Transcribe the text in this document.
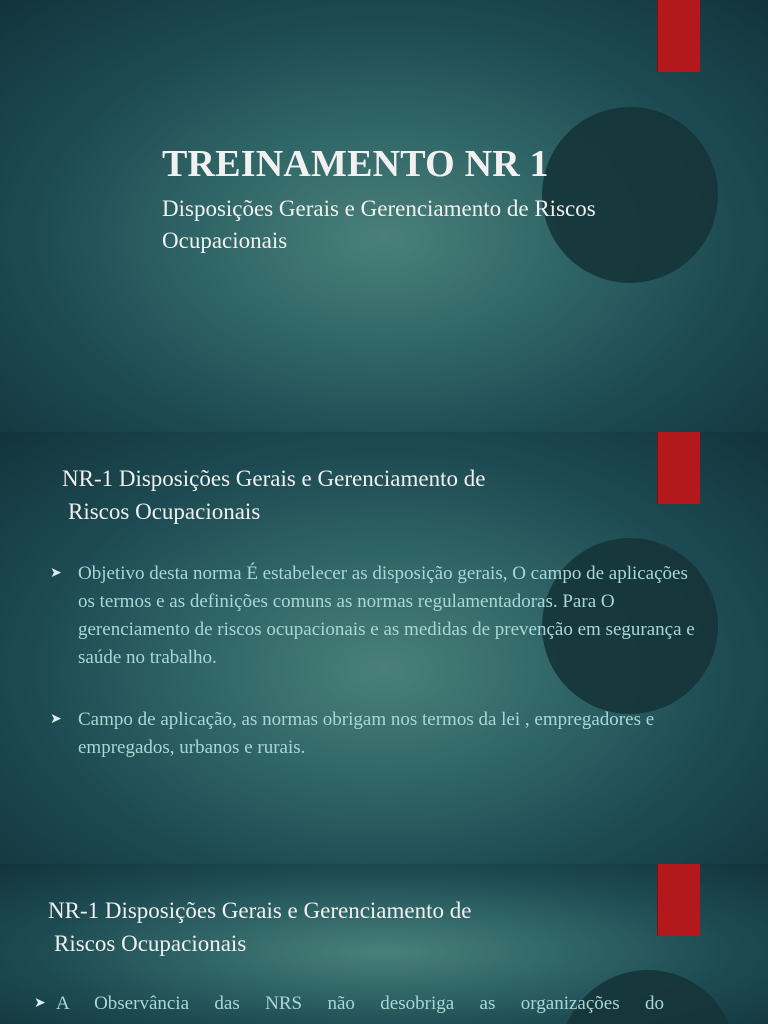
TREINAMENTO NR 1

Disposições Gerais e Gerenciamento de Riscos Ocupacionais

NR-1 Disposições Gerais e Gerenciamento de
Riscos Ocupacionais
➤ Objetivo desta norma É estabelecer as disposição gerais, O campo de aplicações os termos e as definições comuns as normas regulamentadoras. Para O gerenciamento de riscos ocupacionais e as medidas de prevenção em segurança e saúde no trabalho.
➤ Campo de aplicação, as normas obrigam nos termos da lei , empregadores e empregados, urbanos e rurais.
NR-1 Disposições Gerais e Gerenciamento de
Riscos Ocupacionais
➤ A Observância das NRS não desobriga as organizações do
